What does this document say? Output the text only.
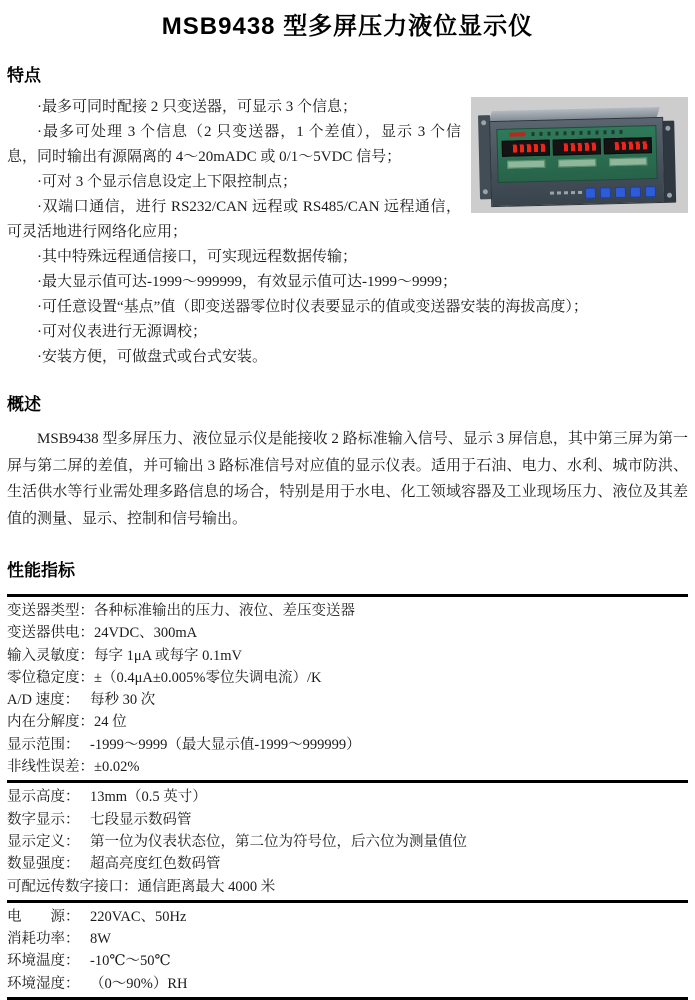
MSB9438 型多屏压力液位显示仪
特点

·最多可同时配接 2 只变送器，可显示 3 个信息；

·最多可处理 3 个信息（2 只变送器，1 个差值），显示 3 个信息，同时输出有源隔离的 4～20mADC 或 0/1～5VDC 信号；

·可对 3 个显示信息设定上下限控制点；

·双端口通信，进行 RS232/CAN 远程或 RS485/CAN 远程通信，可灵活地进行网络化应用；

·其中特殊远程通信接口，可实现远程数据传输；

·最大显示值可达-1999～999999，有效显示值可达-1999～9999；

·可任意设置“基点”值（即变送器零位时仪表要显示的值或变送器安装的海拔高度）；

·可对仪表进行无源调校；

·安装方便，可做盘式或台式安装。

概述

MSB9438 型多屏压力、液位显示仪是能接收 2 路标准输入信号、显示 3 屏信息，其中第三屏为第一屏与第二屏的差值，并可输出 3 路标准信号对应值的显示仪表。适用于石油、电力、水利、城市防洪、生活供水等行业需处理多路信息的场合，特别是用于水电、化工领域容器及工业现场压力、液位及其差值的测量、显示、控制和信号输出。

性能指标
变送器类型： 各种标准输出的压力、液位、差压变送器
变送器供电： 24VDC、300mA
输入灵敏度： 每字 1μA 或每字 0.1mV
零位稳定度： ±（0.4μA±0.005%零位失调电流）/K
A/D 速度： 每秒 30 次
内在分解度： 24 位
显示范围： -1999～9999（最大显示值-1999～999999）
非线性误差： ±0.02%
显示高度： 13mm（0.5 英寸）
数字显示： 七段显示数码管
显示定义： 第一位为仪表状态位，第二位为符号位，后六位为测量值位
数显强度： 超高亮度红色数码管
可配远传数字接口： 通信距离最大 4000 米
电　　源： 220VAC、50Hz
消耗功率： 8W
环境温度： -10℃～50℃
环境湿度： （0～90%）RH
